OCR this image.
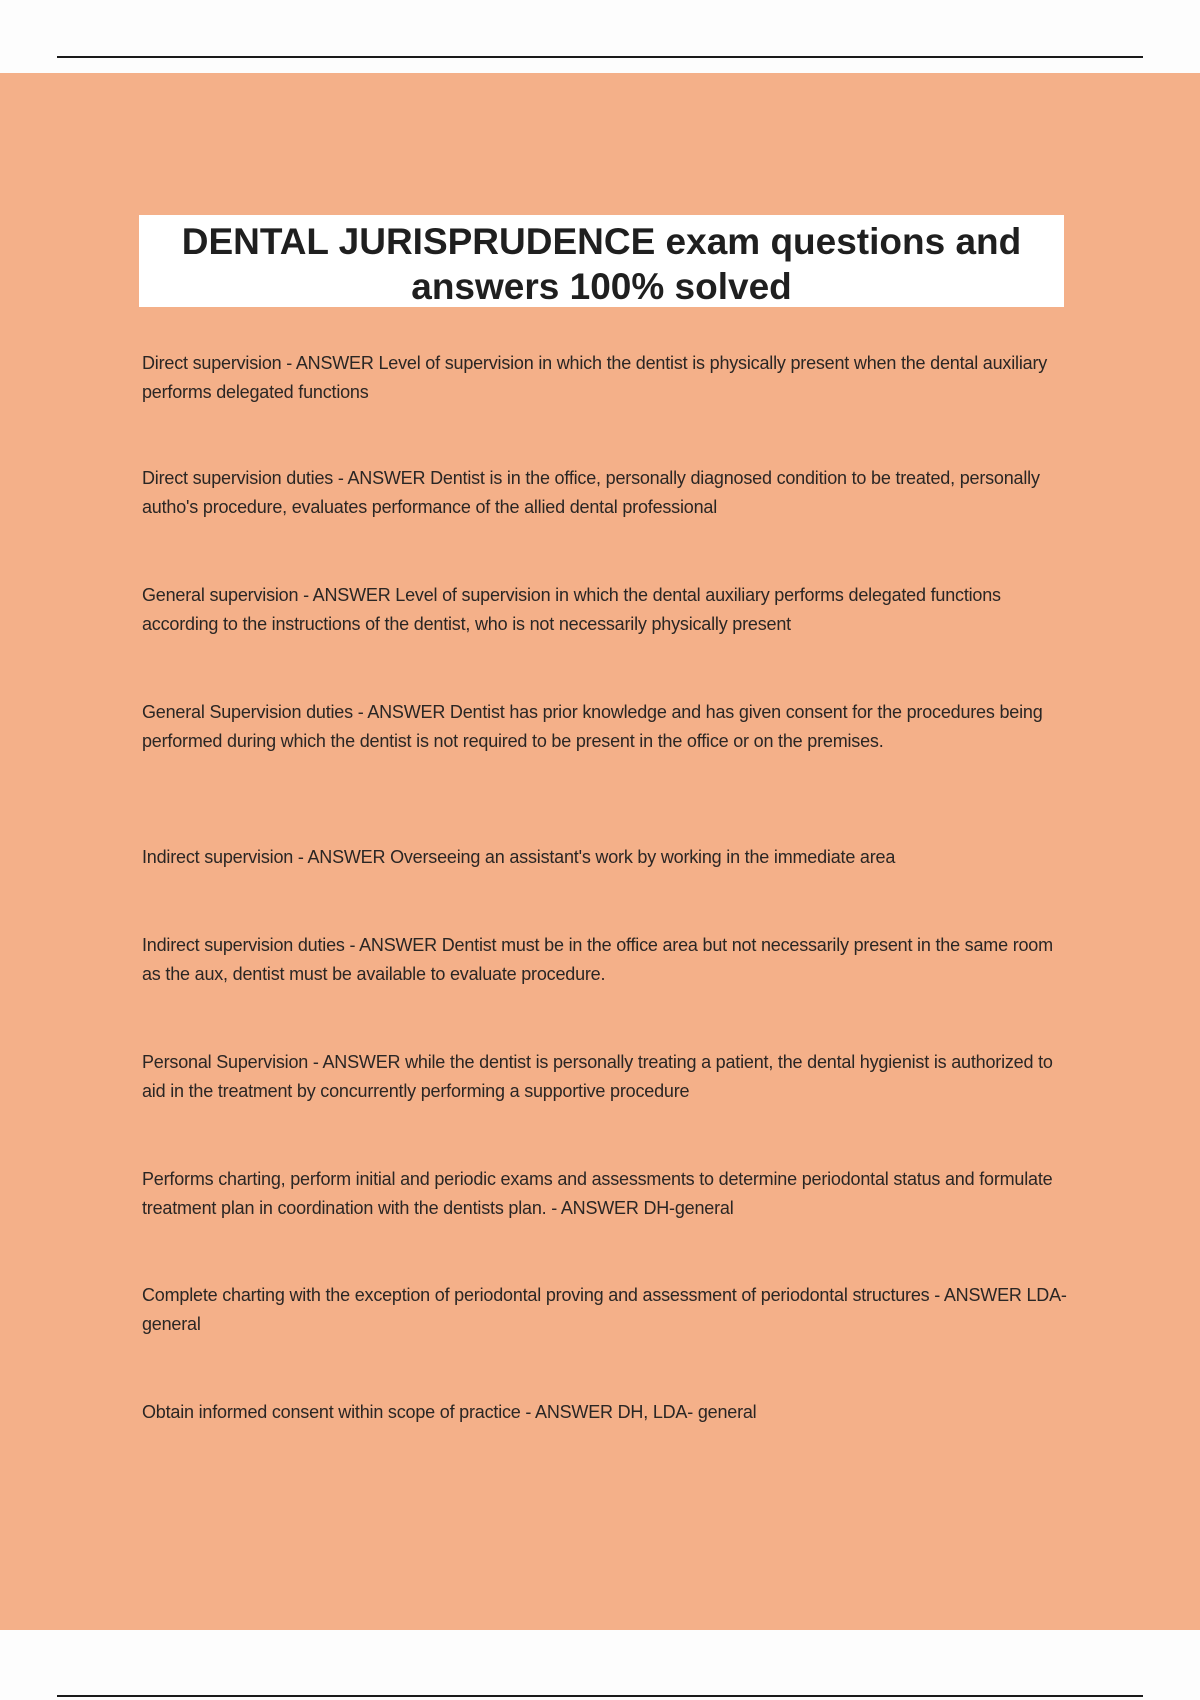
DENTAL JURISPRUDENCE exam questions and answers 100% solved
Direct supervision - ANSWER Level of supervision in which the dentist is physically present when the dental auxiliary performs delegated functions
Direct supervision duties - ANSWER Dentist is in the office, personally diagnosed condition to be treated, personally autho's procedure, evaluates performance of the allied dental professional
General supervision - ANSWER Level of supervision in which the dental auxiliary performs delegated functions according to the instructions of the dentist, who is not necessarily physically present
General Supervision duties - ANSWER Dentist has prior knowledge and has given consent for the procedures being performed during which the dentist is not required to be present in the office or on the premises.
Indirect supervision - ANSWER Overseeing an assistant's work by working in the immediate area
Indirect supervision duties - ANSWER Dentist must be in the office area but not necessarily present in the same room as the aux, dentist must be available to evaluate procedure.
Personal Supervision - ANSWER while the dentist is personally treating a patient, the dental hygienist is authorized to aid in the treatment by concurrently performing a supportive procedure
Performs charting, perform initial and periodic exams and assessments to determine periodontal status and formulate treatment plan in coordination with the dentists plan. - ANSWER DH-general
Complete charting with the exception of periodontal proving and assessment of periodontal structures - ANSWER LDA-general
Obtain informed consent within scope of practice - ANSWER DH, LDA- general
